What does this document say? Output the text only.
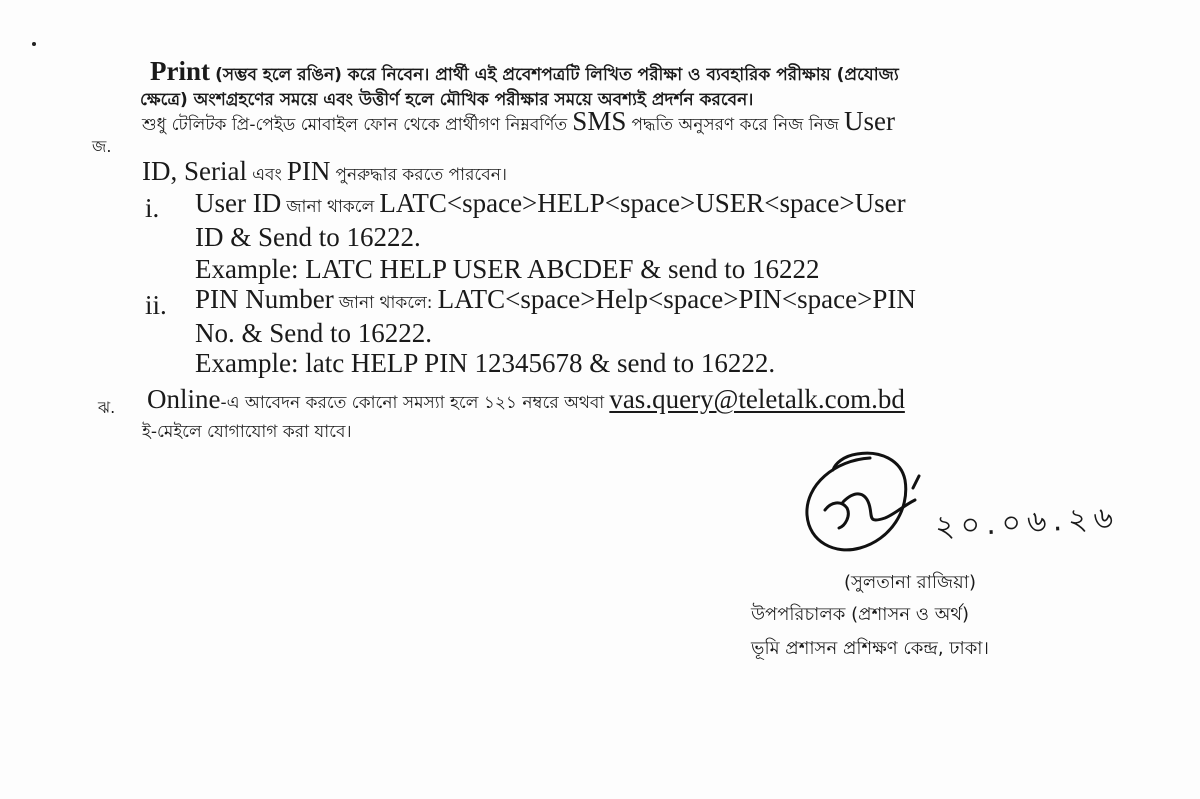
Print (সম্ভব হলে রঙিন) করে নিবেন। প্রার্থী এই প্রবেশপত্রটি লিখিত পরীক্ষা ও ব্যবহারিক পরীক্ষায় (প্রযোজ্য
ক্ষেত্রে) অংশগ্রহণের সময়ে এবং উত্তীর্ণ হলে মৌখিক পরীক্ষার সময়ে অবশ্যই প্রদর্শন করবেন।
জ.
শুধু টেলিটক প্রি-পেইড মোবাইল ফোন থেকে প্রার্থীগণ নিম্নবর্ণিত SMS পদ্ধতি অনুসরণ করে নিজ নিজ User
ID, Serial এবং PIN পুনরুদ্ধার করতে পারবেন।
i. User ID জানা থাকলে LATC<space>HELP<space>USER<space>User
ID & Send to 16222.
Example: LATC HELP USER ABCDEF & send to 16222
ii. PIN Number জানা থাকলে: LATC<space>Help<space>PIN<space>PIN
No. & Send to 16222.
Example: latc HELP PIN 12345678 & send to 16222.
ঝ. Online-এ আবেদন করতে কোনো সমস্যা হলে ১২১ নম্বরে অথবা vas.query@teletalk.com.bd
ই-মেইলে যোগাযোগ করা যাবে।
২০.০৬.২৬
(সুলতানা রাজিয়া)
উপপরিচালক (প্রশাসন ও অর্থ)
ভূমি প্রশাসন প্রশিক্ষণ কেন্দ্র, ঢাকা।
